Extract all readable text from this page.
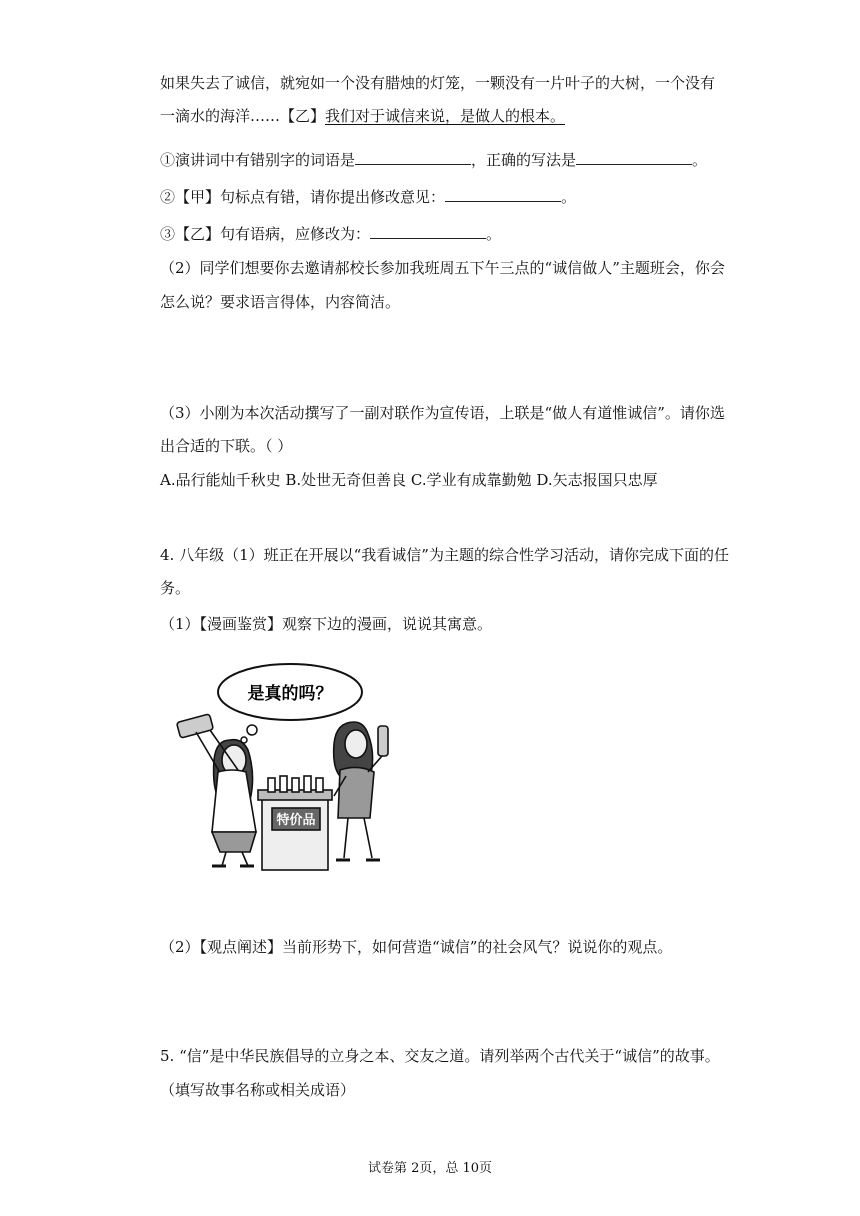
如果失去了诚信，就宛如一个没有腊烛的灯笼，一颗没有一片叶子的大树，一个没有
一滴水的海洋……【乙】我们对于诚信来说，是做人的根本。
①演讲词中有错别字的词语是	，正确的写法是	。
②【甲】句标点有错，请你提出修改意见：	。
③【乙】句有语病，应修改为：	。
（2）同学们想要你去邀请郝校长参加我班周五下午三点的“诚信做人”主题班会，你会
怎么说？要求语言得体，内容简洁。
（3）小刚为本次活动撰写了一副对联作为宣传语，上联是“做人有道惟诚信”。请你选
出合适的下联。（ ）
A.品行能灿千秋史 B.处世无奇但善良 C.学业有成靠勤勉 D.矢志报国只忠厚
4. 八年级（1）班正在开展以“我看诚信”为主题的综合性学习活动，请你完成下面的任
务。
（1）【漫画鉴赏】观察下边的漫画，说说其寓意。
是真的吗？
特价品
（2）【观点阐述】当前形势下，如何营造“诚信”的社会风气？说说你的观点。
5. “信”是中华民族倡导的立身之本、交友之道。请列举两个古代关于“诚信”的故事。
（填写故事名称或相关成语）
试卷第 2页，总 10页
